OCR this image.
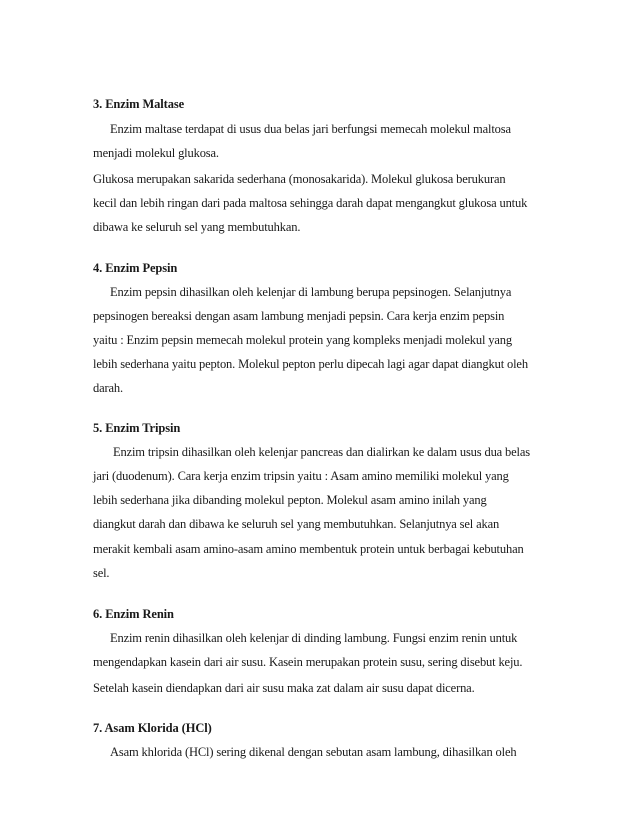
3. Enzim Maltase

Enzim maltase terdapat di usus dua belas jari berfungsi memecah molekul maltosa

menjadi molekul glukosa.

Glukosa merupakan sakarida sederhana (monosakarida). Molekul glukosa berukuran

kecil dan lebih ringan dari pada maltosa sehingga darah dapat mengangkut glukosa untuk

dibawa ke seluruh sel yang membutuhkan.

4. Enzim Pepsin

Enzim pepsin dihasilkan oleh kelenjar di lambung berupa pepsinogen. Selanjutnya

pepsinogen bereaksi dengan asam lambung menjadi pepsin. Cara kerja enzim pepsin

yaitu : Enzim pepsin memecah molekul protein yang kompleks menjadi molekul yang

lebih sederhana yaitu pepton. Molekul pepton perlu dipecah lagi agar dapat diangkut oleh

darah.

5. Enzim Tripsin

Enzim tripsin dihasilkan oleh kelenjar pancreas dan dialirkan ke dalam usus dua belas

jari (duodenum). Cara kerja enzim tripsin yaitu : Asam amino memiliki molekul yang

lebih sederhana jika dibanding molekul pepton. Molekul asam amino inilah yang

diangkut darah dan dibawa ke seluruh sel yang membutuhkan. Selanjutnya sel akan

merakit kembali asam amino-asam amino membentuk protein untuk berbagai kebutuhan

sel.

6. Enzim Renin

Enzim renin dihasilkan oleh kelenjar di dinding lambung. Fungsi enzim renin untuk

mengendapkan kasein dari air susu. Kasein merupakan protein susu, sering disebut keju.

Setelah kasein diendapkan dari air susu maka zat dalam air susu dapat dicerna.

7. Asam Klorida (HCl)

Asam khlorida (HCl) sering dikenal dengan sebutan asam lambung, dihasilkan oleh
